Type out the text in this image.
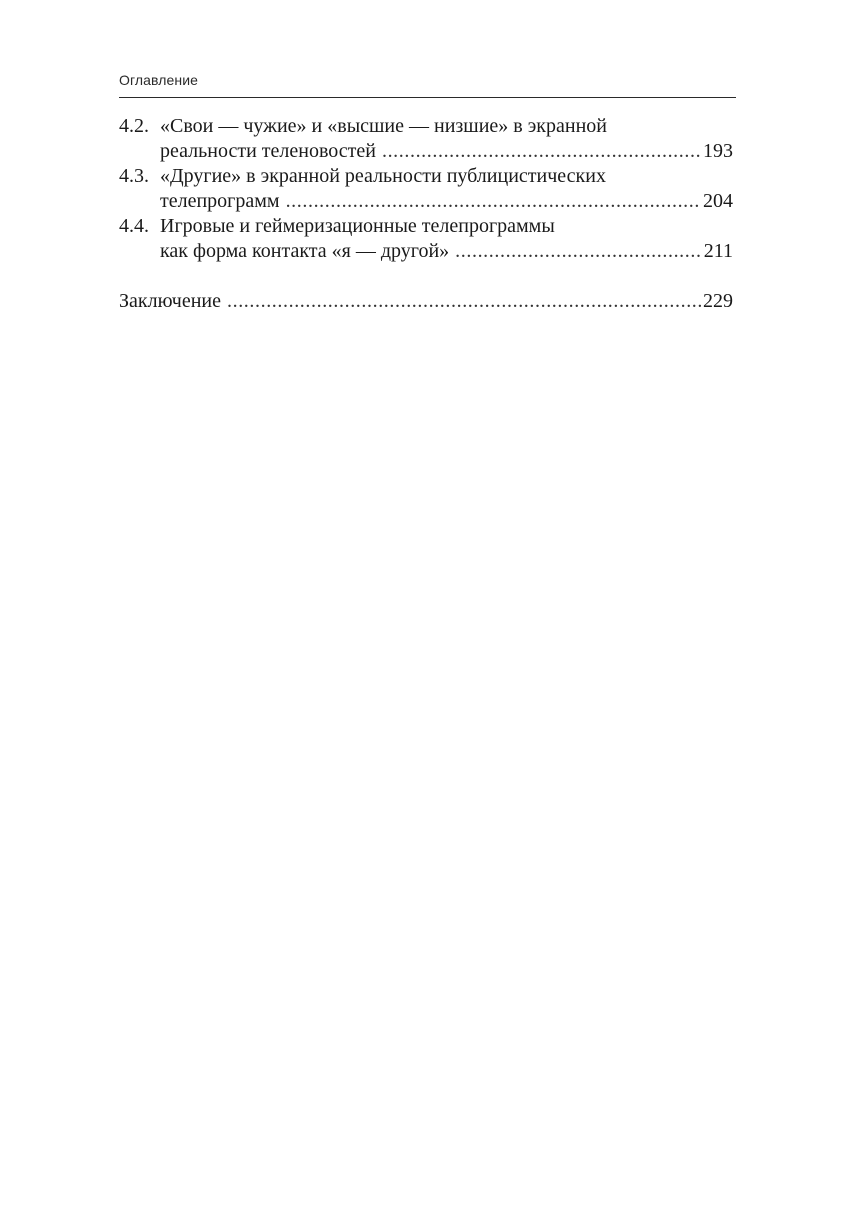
Оглавление
4.2. «Свои — чужие» и «высшие — низшие» в экранной
реальности теленовостей .....	193
4.3. «Другие» в экранной реальности публицистических
телепрограмм .....	204
4.4. Игровые и геймеризационные телепрограммы
как форма контакта «я — другой» .....	211
Заключение .....	229
